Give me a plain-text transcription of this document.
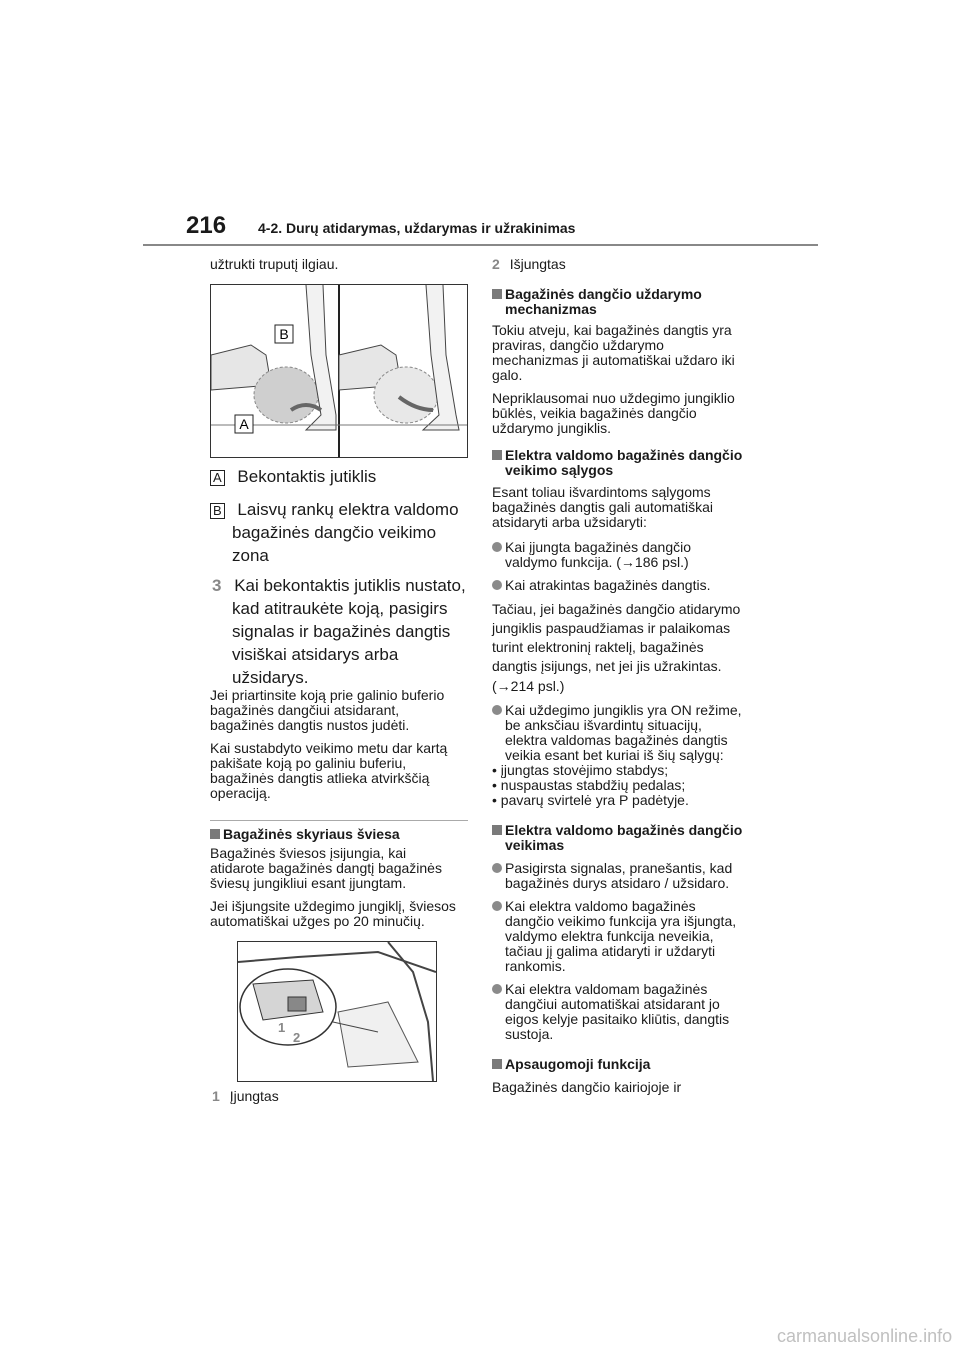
216 4-2. Durų atidarymas, uždarymas ir užrakinimas
užtrukti truputį ilgiau.
B
A
A Bekontaktis jutiklis
B Laisvų rankų elektra valdomo
bagažinės dangčio veikimo
zona
3 Kai bekontaktis jutiklis nustato,
kad atitraukėte koją, pasigirs
signalas ir bagažinės dangtis
visiškai atsidarys arba
užsidarys.
Jei priartinsite koją prie galinio buferio
bagažinės dangčiui atsidarant,
bagažinės dangtis nustos judėti.
Kai sustabdyto veikimo metu dar kartą
pakišate koją po galiniu buferiu,
bagažinės dangtis atlieka atvirkščią
operaciją.
Bagažinės skyriaus šviesa
Bagažinės šviesos įsijungia, kai
atidarote bagažinės dangtį bagažinės
šviesų jungikliui esant įjungtam.
Jei išjungsite uždegimo jungiklį, šviesos
automatiškai užges po 20 minučių.
1
2
1 Įjungtas
2 Išjungtas
Bagažinės dangčio uždarymo
mechanizmas
Tokiu atveju, kai bagažinės dangtis yra
praviras, dangčio uždarymo
mechanizmas ji automatiškai uždaro iki
galo.
Nepriklausomai nuo uždegimo jungiklio
būklės, veikia bagažinės dangčio
uždarymo jungiklis.
Elektra valdomo bagažinės dangčio
veikimo sąlygos
Esant toliau išvardintoms sąlygoms
bagažinės dangtis gali automatiškai
atsidaryti arba užsidaryti:
Kai įjungta bagažinės dangčio
valdymo funkcija. (→186 psl.)
Kai atrakintas bagažinės dangtis.
Tačiau, jei bagažinės dangčio atidarymo
jungiklis paspaudžiamas ir palaikomas
turint elektroninį raktelį, bagažinės
dangtis įsijungs, net jei jis užrakintas.
(→214 psl.)
Kai uždegimo jungiklis yra ON režime,
be anksčiau išvardintų situacijų,
elektra valdomas bagažinės dangtis
veikia esant bet kuriai iš šių sąlygų:
• įjungtas stovėjimo stabdys;
• nuspaustas stabdžių pedalas;
• pavarų svirtelė yra P padėtyje.
Elektra valdomo bagažinės dangčio
veikimas
Pasigirsta signalas, pranešantis, kad
bagažinės durys atsidaro / užsidaro.
Kai elektra valdomo bagažinės
dangčio veikimo funkcija yra išjungta,
valdymo elektra funkcija neveikia,
tačiau jį galima atidaryti ir uždaryti
rankomis.
Kai elektra valdomam bagažinės
dangčiui automatiškai atsidarant jo
eigos kelyje pasitaiko kliūtis, dangtis
sustoja.
Apsaugomoji funkcija
Bagažinės dangčio kairiojoje ir
carmanualsonline.info
